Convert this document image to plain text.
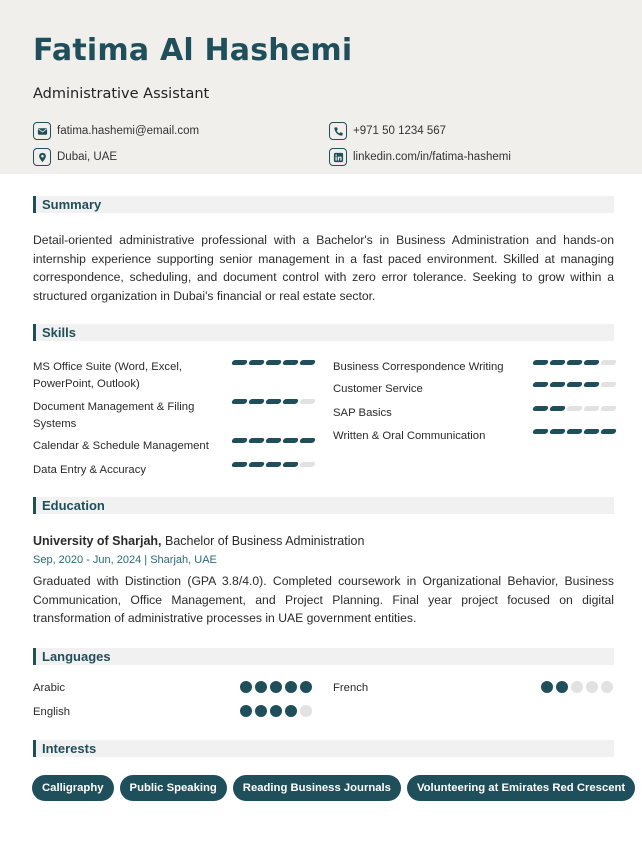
Fatima Al Hashemi
Administrative Assistant
fatima.hashemi@email.com	+971 50 1234 567
Dubai, UAE	linkedin.com/in/fatima-hashemi
Summary
Detail-oriented administrative professional with a Bachelor's in Business Administration and hands-on internship experience supporting senior management in a fast paced environment. Skilled at managing correspondence, scheduling, and document control with zero error tolerance. Seeking to grow within a structured organization in Dubai's financial or real estate sector.
Skills
MS Office Suite (Word, Excel, PowerPoint, Outlook)
Document Management & Filing Systems
Calendar & Schedule Management
Data Entry & Accuracy
Business Correspondence Writing
Customer Service
SAP Basics
Written & Oral Communication
Education
University of Sharjah, Bachelor of Business Administration
Sep, 2020 - Jun, 2024 | Sharjah, UAE
Graduated with Distinction (GPA 3.8/4.0). Completed coursework in Organizational Behavior, Business Communication, Office Management, and Project Planning. Final year project focused on digital transformation of administrative processes in UAE government entities.
Languages
Arabic
English
French
Interests
Calligraphy	Public Speaking	Reading Business Journals	Volunteering at Emirates Red Crescent
